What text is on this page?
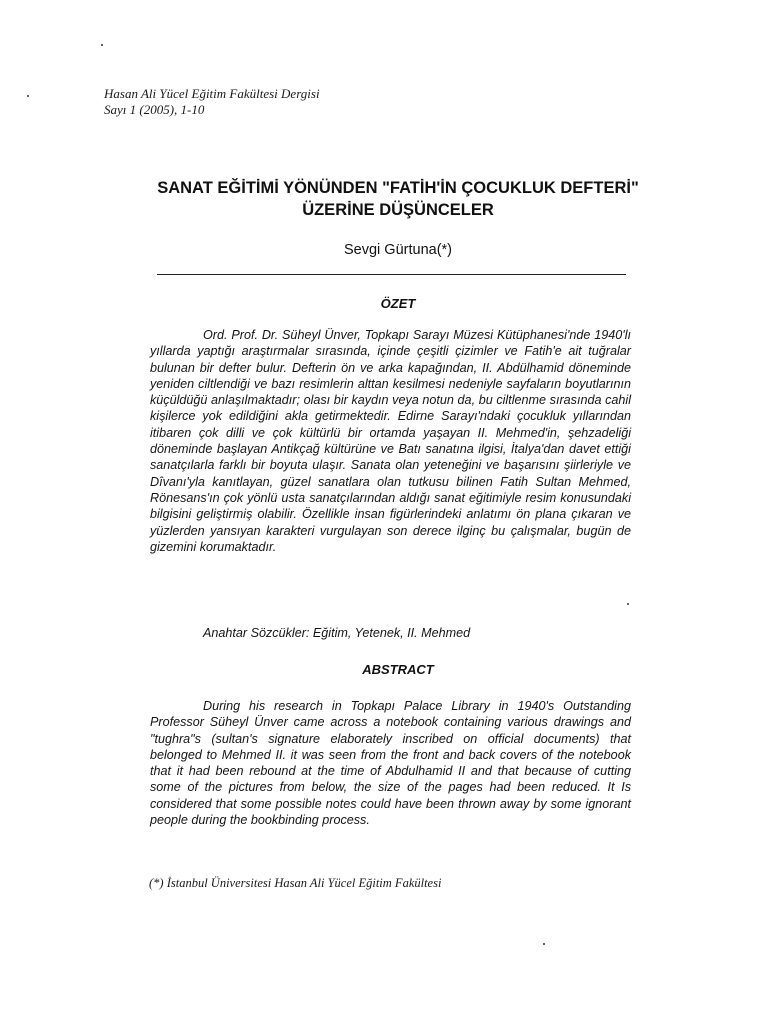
Hasan Ali Yücel Eğitim Fakültesi Dergisi
Sayı 1 (2005), 1-10
SANAT EĞİTİMİ YÖNÜNDEN "FATİH'İN ÇOCUKLUK DEFTERİ"
ÜZERİNE DÜŞÜNCELER
Sevgi Gürtuna(*)
ÖZET

Ord. Prof. Dr. Süheyl Ünver, Topkapı Sarayı Müzesi Kütüphanesi'nde 1940'lı yıllarda yaptığı araştırmalar sırasında, içinde çeşitli çizimler ve Fatih'e ait tuğralar bulunan bir defter bulur. Defterin ön ve arka kapağından, II. Abdülhamid döneminde yeniden ciltlendiği ve bazı resimlerin alttan kesilmesi nedeniyle sayfaların boyutlarının küçüldüğü anlaşılmaktadır; olası bir kaydın veya notun da, bu ciltlenme sırasında cahil kişilerce yok edildiğini akla getirmektedir. Edirne Sarayı'ndaki çocukluk yıllarından itibaren çok dilli ve çok kültürlü bir ortamda yaşayan II. Mehmed'in, şehzadeliği döneminde başlayan Antikçağ kültürüne ve Batı sanatına ilgisi, İtalya'dan davet ettiği sanatçılarla farklı bir boyuta ulaşır. Sanata olan yeteneğini ve başarısını şiirleriyle ve Dîvanı'yla kanıtlayan, güzel sanatlara olan tutkusu bilinen Fatih Sultan Mehmed, Rönesans'ın çok yönlü usta sanatçılarından aldığı sanat eğitimiyle resim konusundaki bilgisini geliştirmiş olabilir. Özellikle insan figürlerindeki anlatımı ön plana çıkaran ve yüzlerden yansıyan karakteri vurgulayan son derece ilginç bu çalışmalar, bugün de gizemini korumaktadır.

Anahtar Sözcükler: Eğitim, Yetenek, II. Mehmed
ABSTRACT

During his research in Topkapı Palace Library in 1940's Outstanding Professor Süheyl Ünver came across a notebook containing various drawings and "tughra"s (sultan's signature elaborately inscribed on official documents) that belonged to Mehmed II. it was seen from the front and back covers of the notebook that it had been rebound at the time of Abdulhamid II and that because of cutting some of the pictures from below, the size of the pages had been reduced. It Is considered that some possible notes could have been thrown away by some ignorant people during the bookbinding process.

(*) İstanbul Üniversitesi Hasan Ali Yücel Eğitim Fakültesi
